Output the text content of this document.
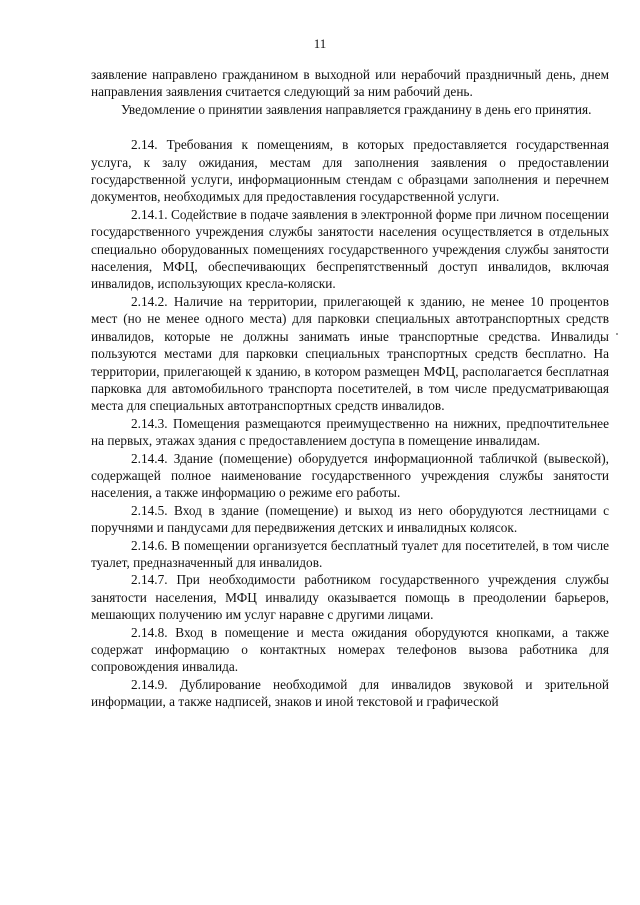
11

заявление направлено гражданином в выходной или нерабочий праздничный день, днем направления заявления считается следующий за ним рабочий день.

Уведомление о принятии заявления направляется гражданину в день его принятия.

2.14. Требования к помещениям, в которых предоставляется государственная услуга, к залу ожидания, местам для заполнения заявления о предоставлении государственной услуги, информационным стендам с образцами заполнения и перечнем документов, необходимых для предоставления государственной услуги.

2.14.1. Содействие в подаче заявления в электронной форме при личном посещении государственного учреждения службы занятости населения осуществляется в отдельных специально оборудованных помещениях государственного учреждения службы занятости населения, МФЦ, обеспечивающих беспрепятственный доступ инвалидов, включая инвалидов, использующих кресла-коляски.

2.14.2. Наличие на территории, прилегающей к зданию, не менее 10 процентов мест (но не менее одного места) для парковки специальных автотранспортных средств инвалидов, которые не должны занимать иные транспортные средства. Инвалиды пользуются местами для парковки специальных транспортных средств бесплатно. На территории, прилегающей к зданию, в котором размещен МФЦ, располагается бесплатная парковка для автомобильного транспорта посетителей, в том числе предусматривающая места для специальных автотранспортных средств инвалидов.

2.14.3. Помещения размещаются преимущественно на нижних, предпочтительнее на первых, этажах здания с предоставлением доступа в помещение инвалидам.

2.14.4. Здание (помещение) оборудуется информационной табличкой (вывеской), содержащей полное наименование государственного учреждения службы занятости населения, а также информацию о режиме его работы.

2.14.5. Вход в здание (помещение) и выход из него оборудуются лестницами с поручнями и пандусами для передвижения детских и инвалидных колясок.

2.14.6. В помещении организуется бесплатный туалет для посетителей, в том числе туалет, предназначенный для инвалидов.

2.14.7. При необходимости работником государственного учреждения службы занятости населения, МФЦ инвалиду оказывается помощь в преодолении барьеров, мешающих получению им услуг наравне с другими лицами.

2.14.8. Вход в помещение и места ожидания оборудуются кнопками, а также содержат информацию о контактных номерах телефонов вызова работника для сопровождения инвалида.

2.14.9. Дублирование необходимой для инвалидов звуковой и зрительной информации, а также надписей, знаков и иной текстовой и графической
